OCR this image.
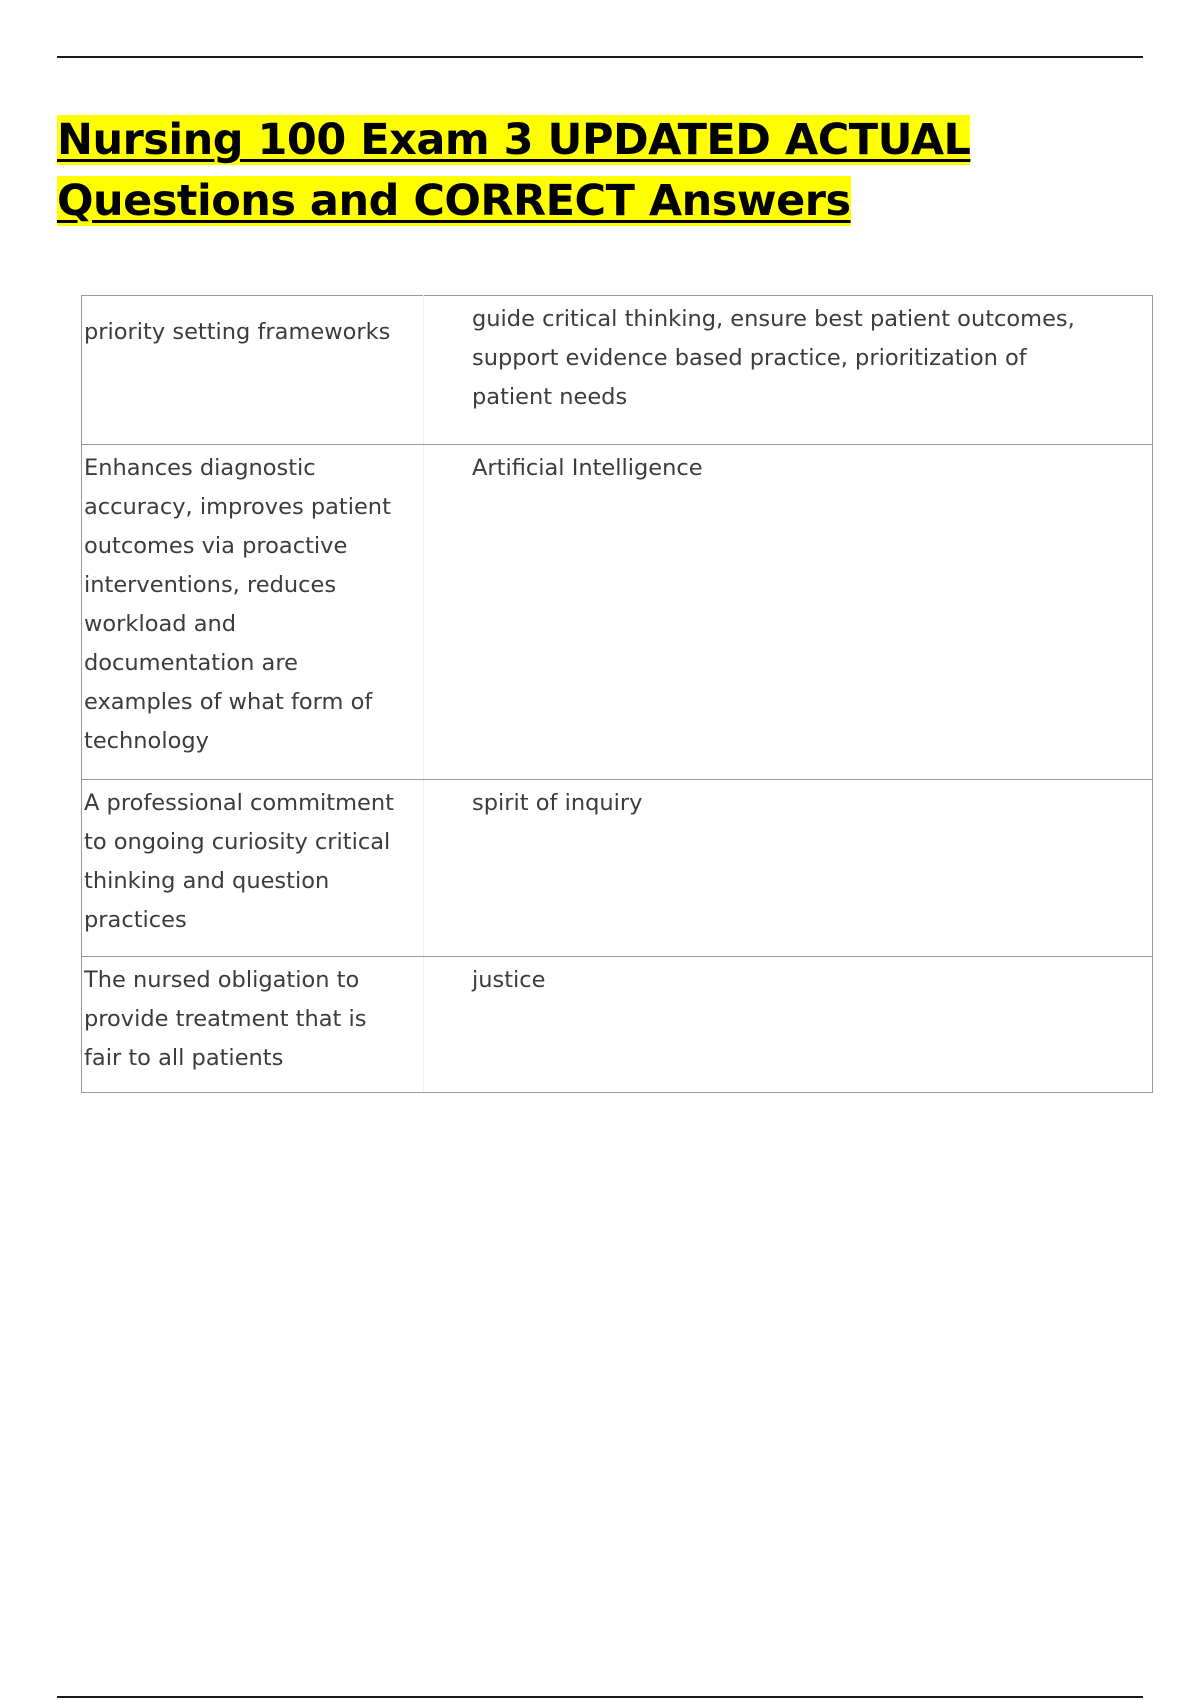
Nursing 100 Exam 3 UPDATED ACTUAL Questions and CORRECT Answers
priority setting frameworks	guide critical thinking, ensure best patient outcomes, support evidence based practice, prioritization of patient needs
Enhances diagnostic accuracy, improves patient outcomes via proactive interventions, reduces workload and documentation are examples of what form of technology	Artificial Intelligence
A professional commitment to ongoing curiosity critical thinking and question practices	spirit of inquiry
The nursed obligation to provide treatment that is fair to all patients	justice
